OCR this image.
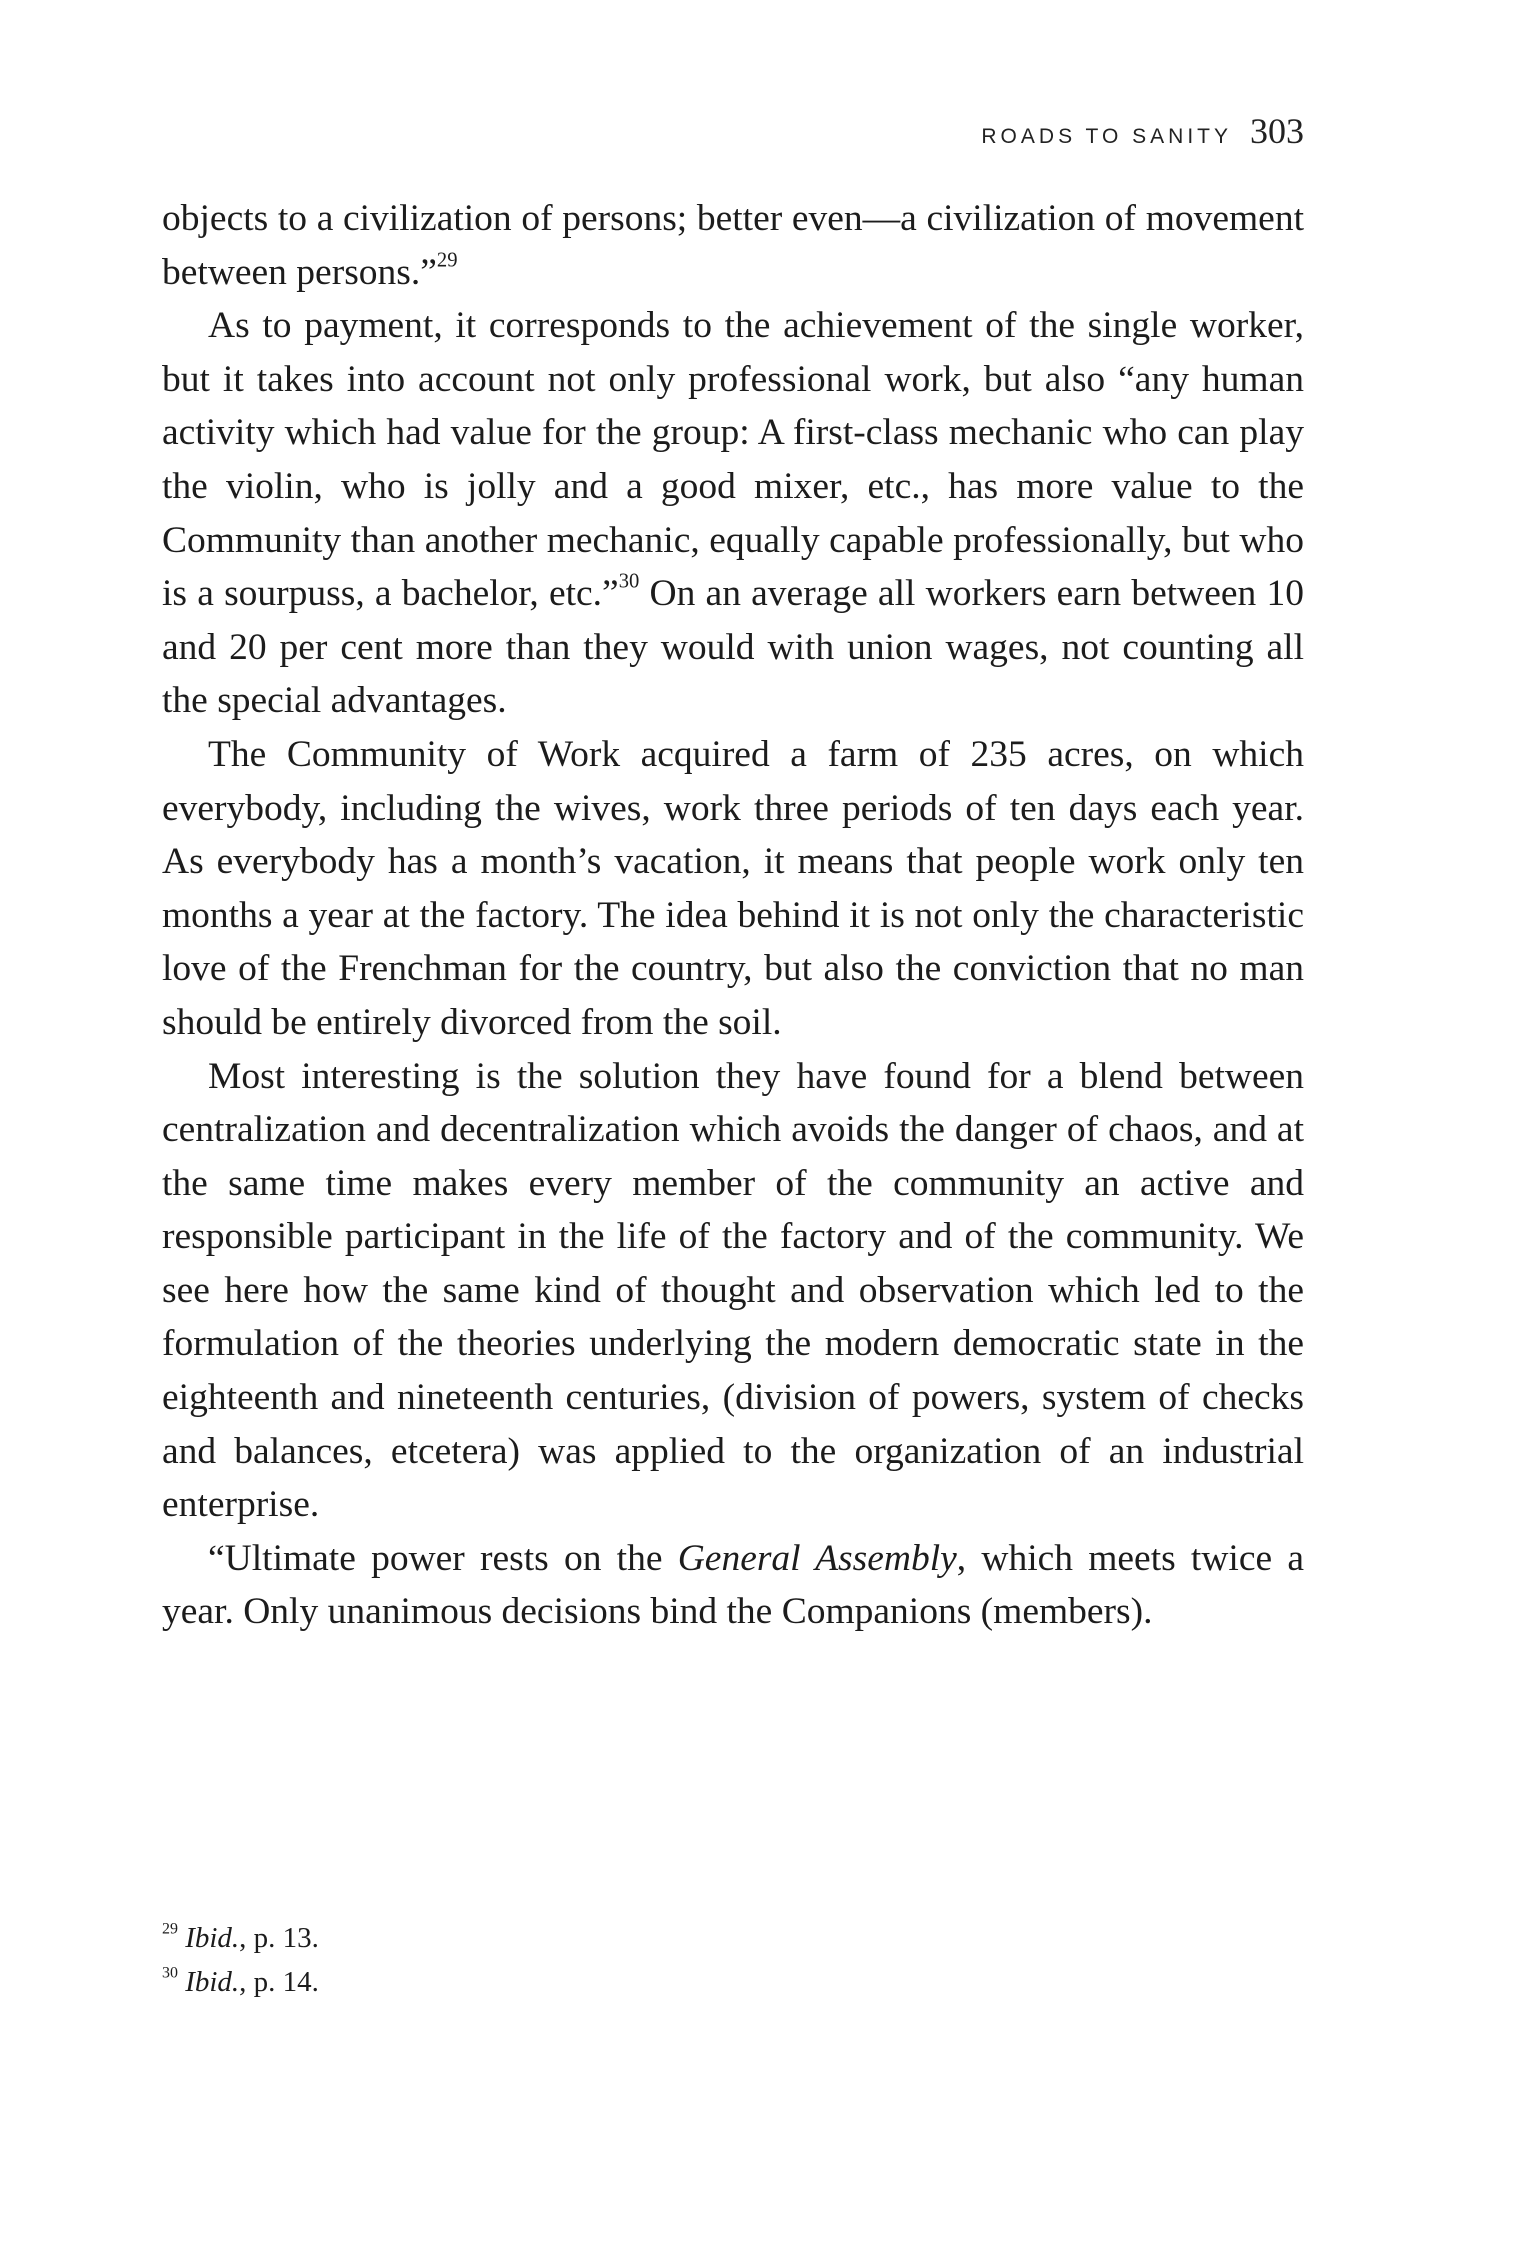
ROADS TO SANITY 303

objects to a civilization of persons; better even—a civilization of movement between persons.”$^{29}$

As to payment, it corresponds to the achievement of the single worker, but it takes into account not only professional work, but also “any human activity which had value for the group: A first-class mechanic who can play the violin, who is jolly and a good mixer, etc., has more value to the Community than another mechanic, equally capable professionally, but who is a sourpuss, a bachelor, etc.”$^{30}$ On an average all workers earn between 10 and 20 per cent more than they would with union wages, not counting all the special advantages.

The Community of Work acquired a farm of 235 acres, on which everybody, including the wives, work three periods of ten days each year. As everybody has a month’s vacation, it means that people work only ten months a year at the factory. The idea behind it is not only the characteristic love of the Frenchman for the country, but also the conviction that no man should be entirely divorced from the soil.

Most interesting is the solution they have found for a blend between centralization and decentralization which avoids the danger of chaos, and at the same time makes every member of the community an active and responsible participant in the life of the factory and of the community. We see here how the same kind of thought and observation which led to the formulation of the theories underlying the modern democratic state in the eighteenth and nineteenth centuries, (division of powers, system of checks and balances, etcetera) was applied to the organization of an industrial enterprise.

“Ultimate power rests on the General Assembly, which meets twice a year. Only unanimous decisions bind the Companions (members).

$^{29}$ Ibid., p. 13.

$^{30}$ Ibid., p. 14.
